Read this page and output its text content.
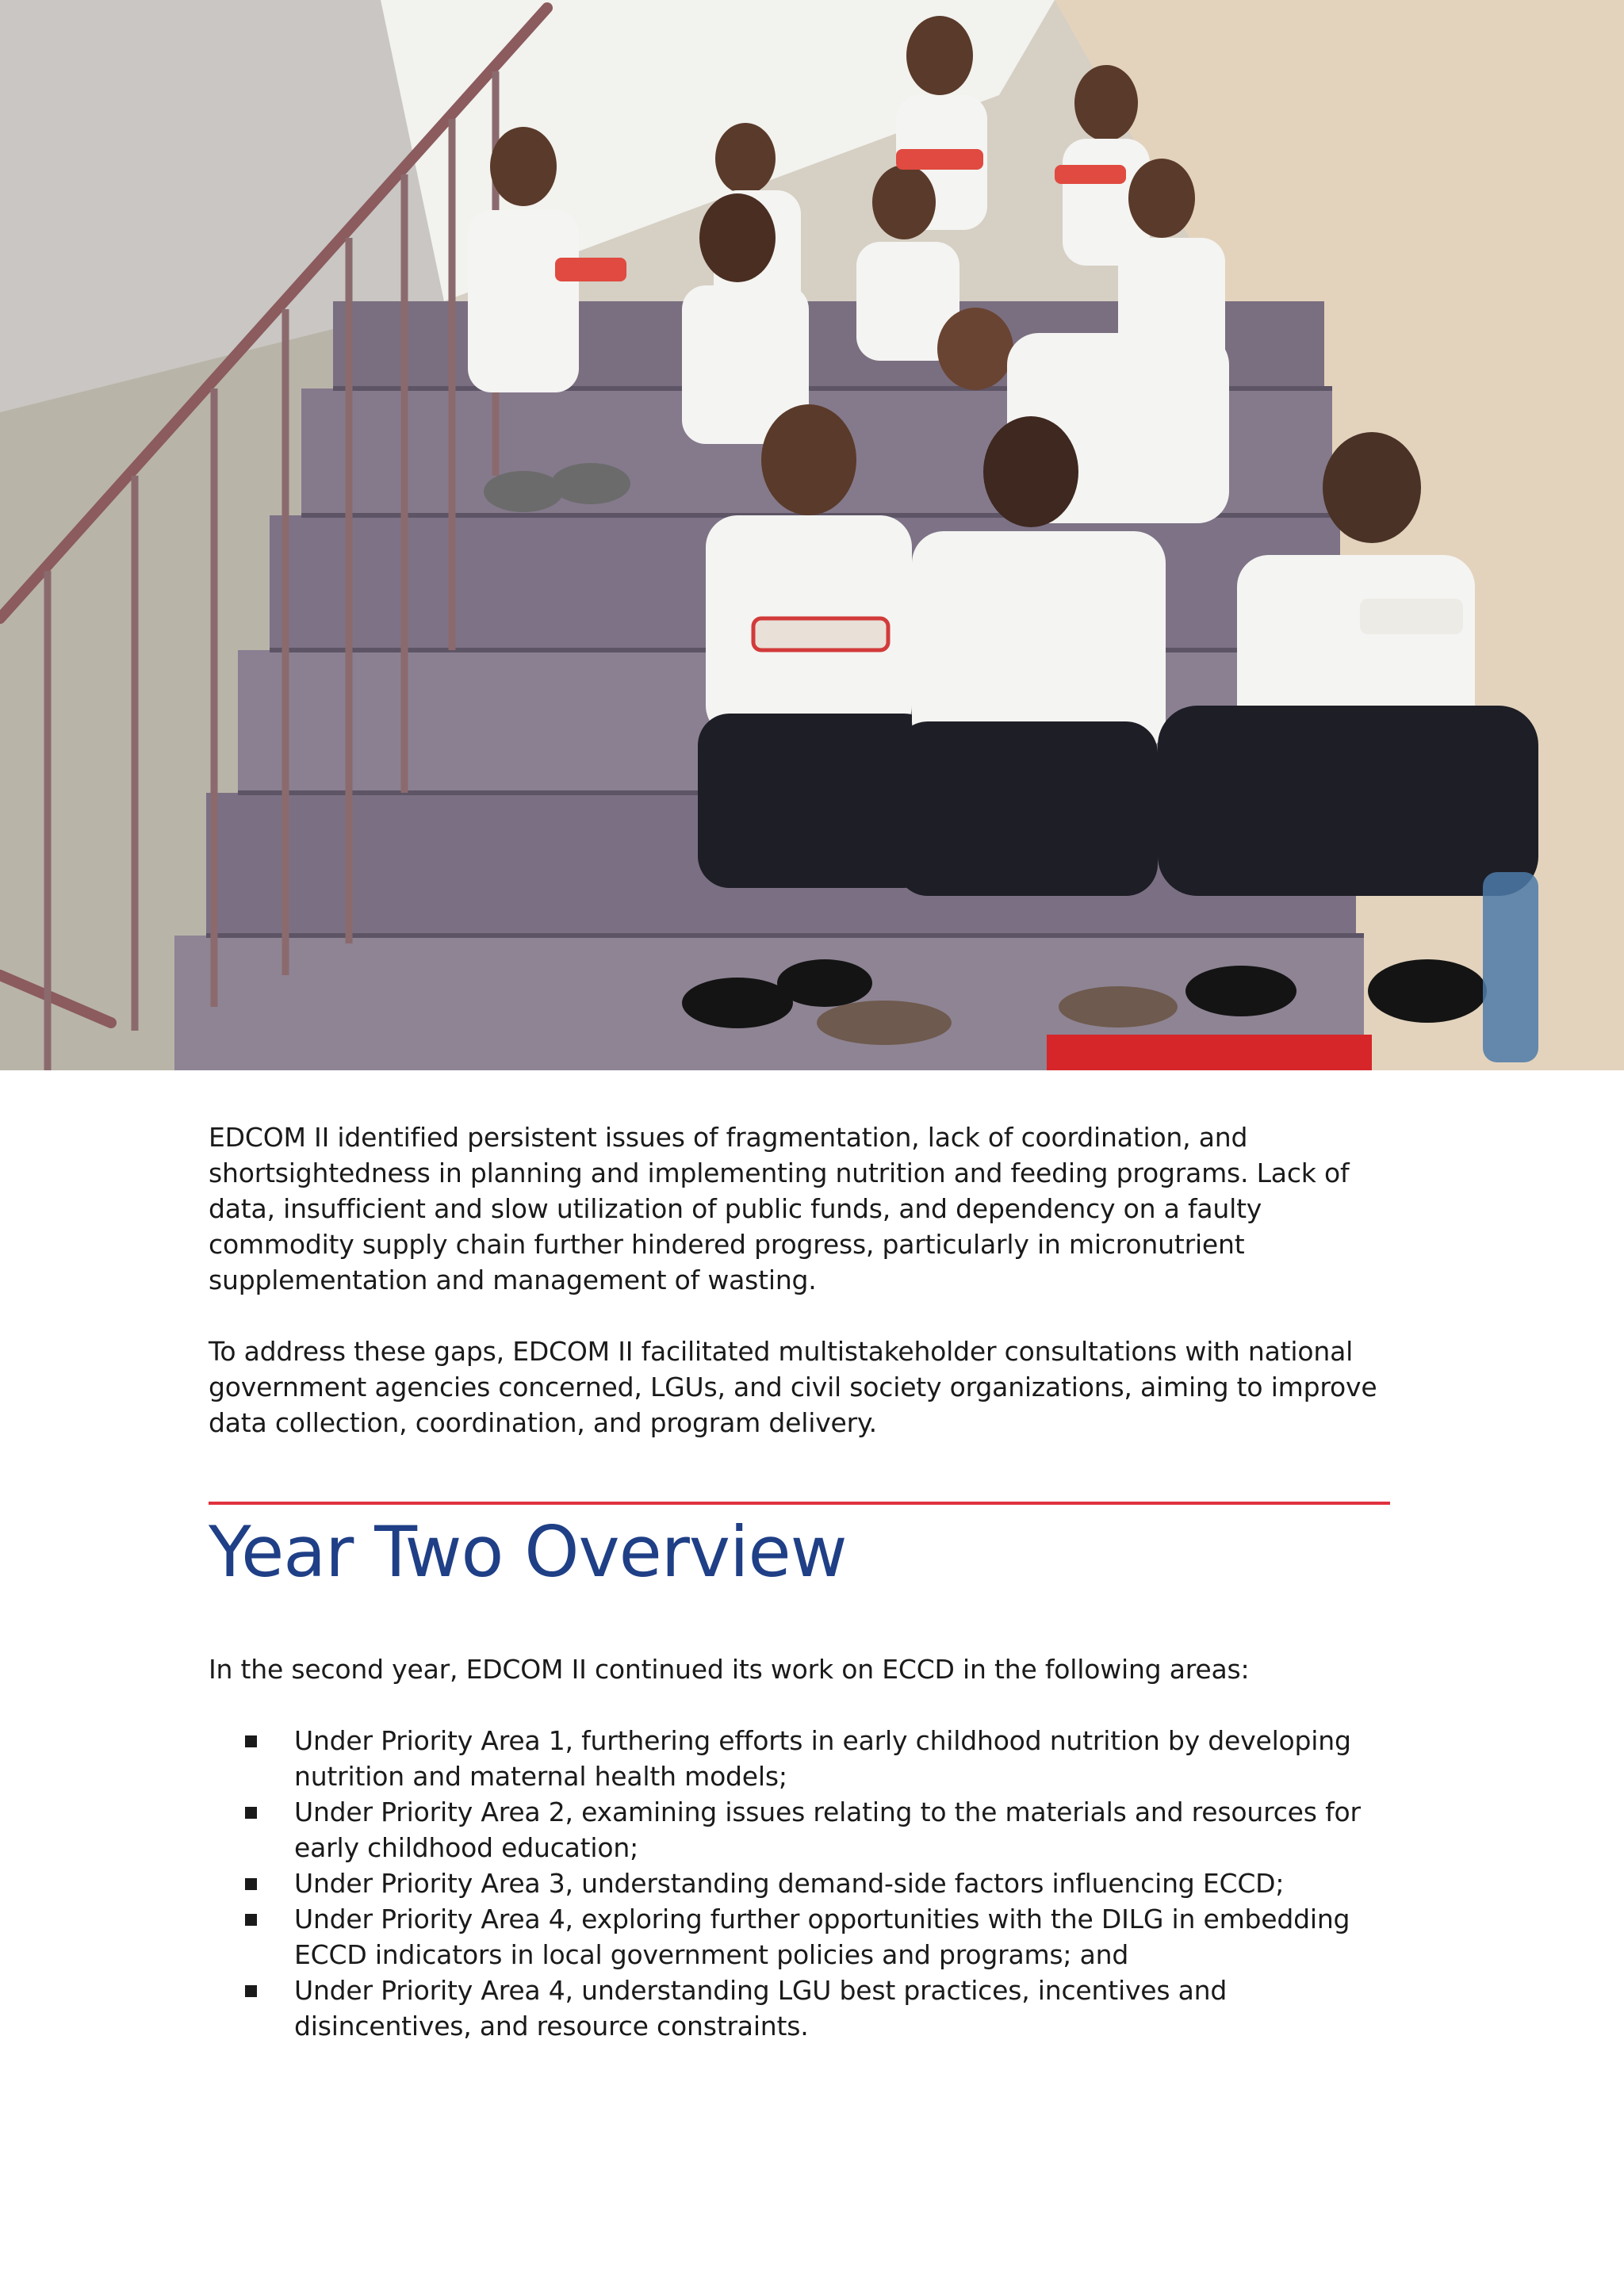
EDCOM II identified persistent issues of fragmentation, lack of coordination, and shortsightedness in planning and implementing nutrition and feeding programs. Lack of data, insufficient and slow utilization of public funds, and dependency on a faulty commodity supply chain further hindered progress, particularly in micronutrient supplementation and management of wasting.

To address these gaps, EDCOM II facilitated multistakeholder consultations with national government agencies concerned, LGUs, and civil society organizations, aiming to improve data collection, coordination, and program delivery.

Year Two Overview

In the second year, EDCOM II continued its work on ECCD in the following areas:

Under Priority Area 1, furthering efforts in early childhood nutrition by developing nutrition and maternal health models;
Under Priority Area 2, examining issues relating to the materials and resources for early childhood education;
Under Priority Area 3, understanding demand-side factors influencing ECCD;
Under Priority Area 4, exploring further opportunities with the DILG in embedding ECCD indicators in local government policies and programs; and
Under Priority Area 4, understanding LGU best practices, incentives and disincentives, and resource constraints.
